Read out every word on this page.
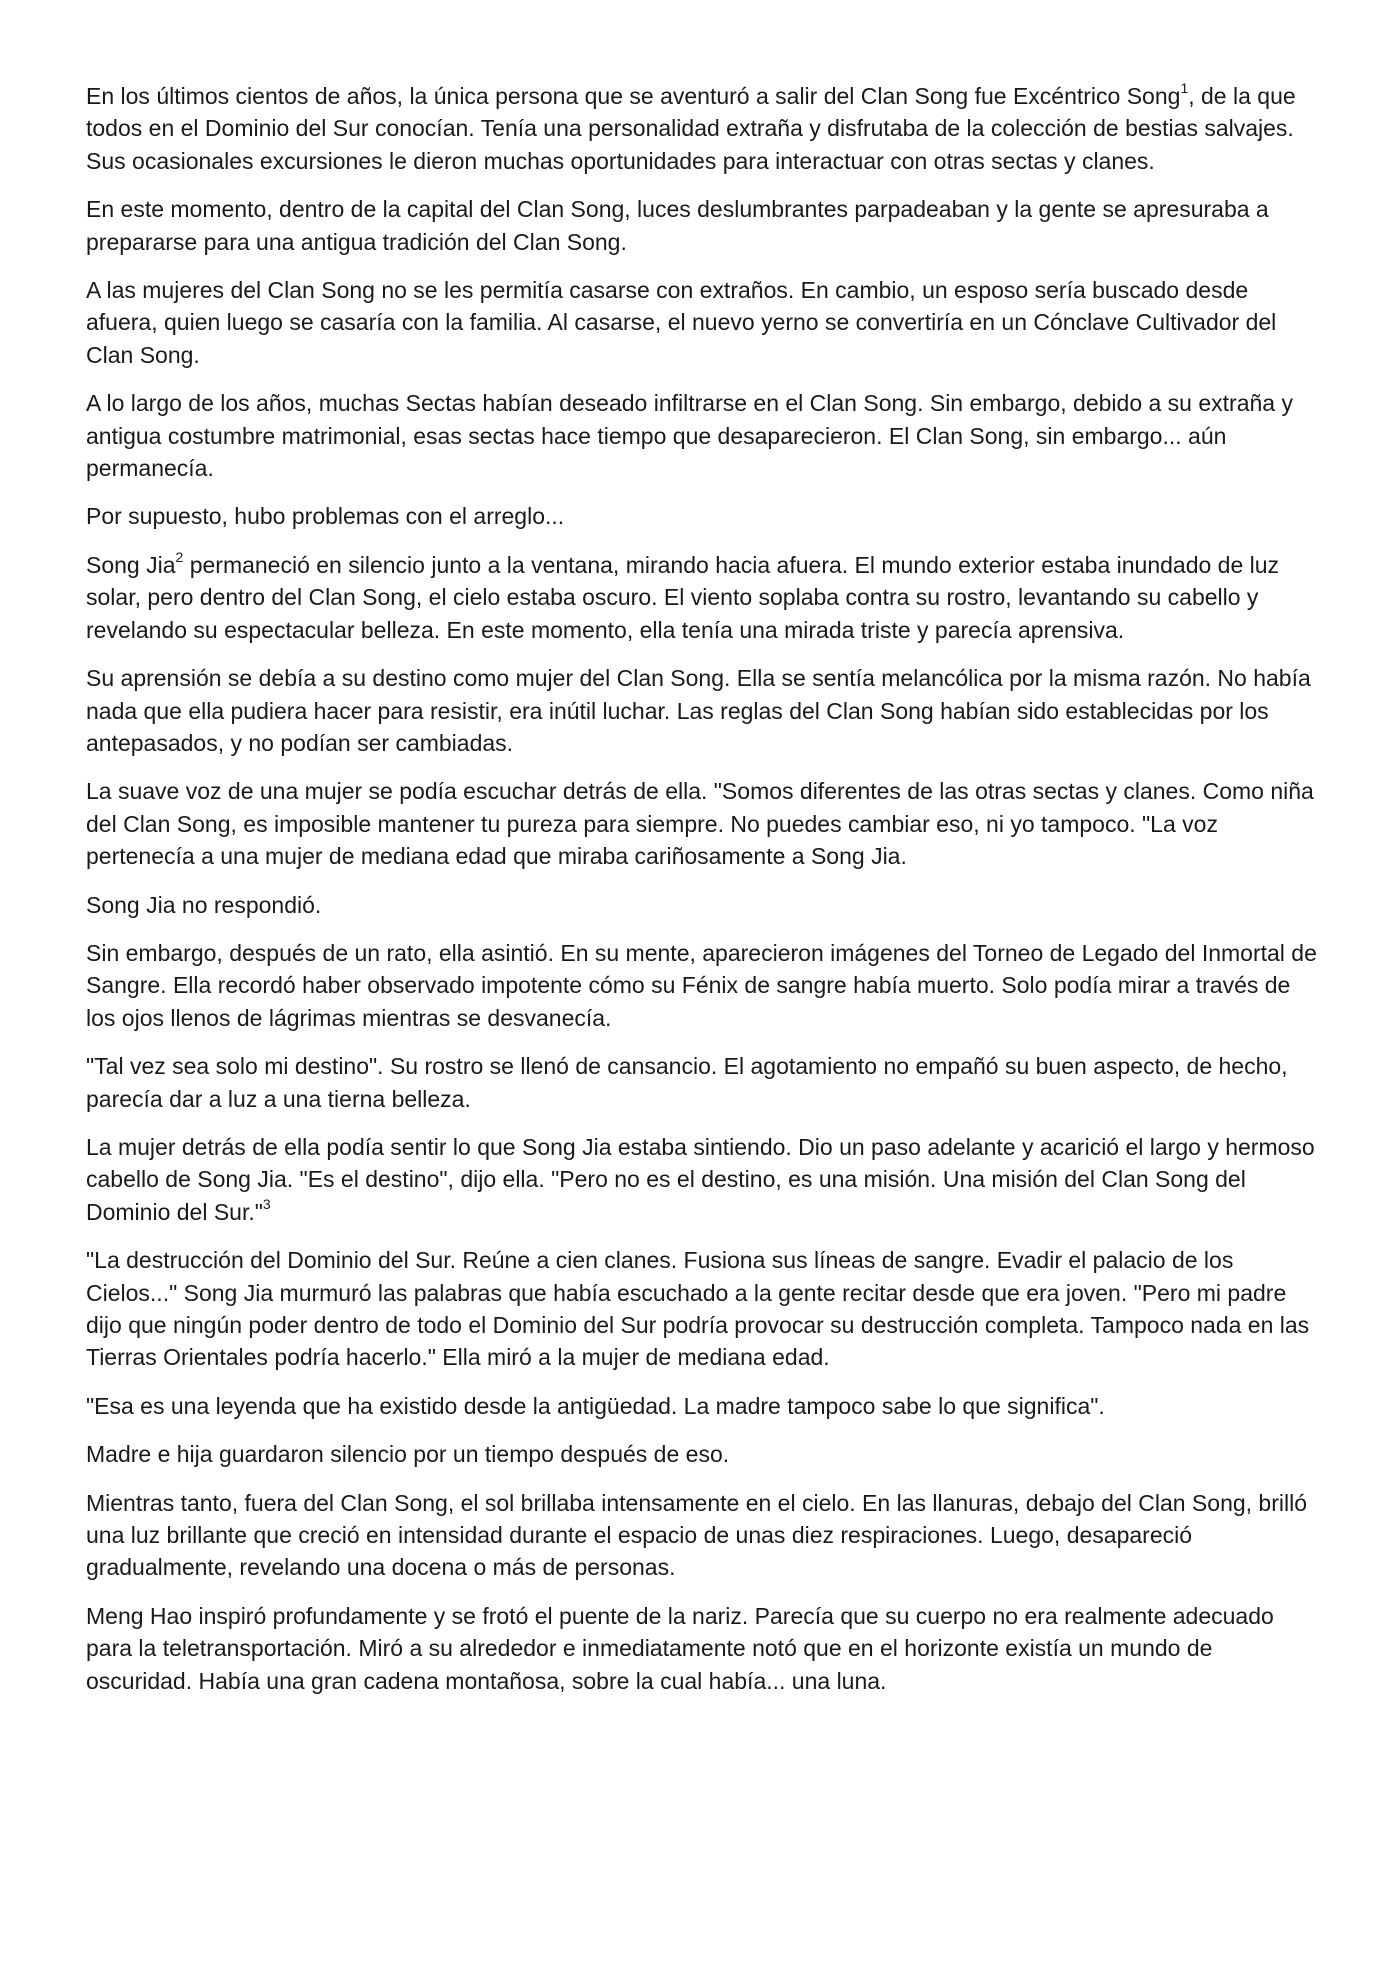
En los últimos cientos de años, la única persona que se aventuró a salir del Clan Song fue Excéntrico Song$^1$, de la que todos en el Dominio del Sur conocían. Tenía una personalidad extraña y disfrutaba de la colección de bestias salvajes. Sus ocasionales excursiones le dieron muchas oportunidades para interactuar con otras sectas y clanes.

En este momento, dentro de la capital del Clan Song, luces deslumbrantes parpadeaban y la gente se apresuraba a prepararse para una antigua tradición del Clan Song.

A las mujeres del Clan Song no se les permitía casarse con extraños. En cambio, un esposo sería buscado desde afuera, quien luego se casaría con la familia. Al casarse, el nuevo yerno se convertiría en un Cónclave Cultivador del Clan Song.

A lo largo de los años, muchas Sectas habían deseado infiltrarse en el Clan Song. Sin embargo, debido a su extraña y antigua costumbre matrimonial, esas sectas hace tiempo que desaparecieron. El Clan Song, sin embargo... aún permanecía.

Por supuesto, hubo problemas con el arreglo...

Song Jia$^2$ permaneció en silencio junto a la ventana, mirando hacia afuera. El mundo exterior estaba inundado de luz solar, pero dentro del Clan Song, el cielo estaba oscuro. El viento soplaba contra su rostro, levantando su cabello y revelando su espectacular belleza. En este momento, ella tenía una mirada triste y parecía aprensiva.

Su aprensión se debía a su destino como mujer del Clan Song. Ella se sentía melancólica por la misma razón. No había nada que ella pudiera hacer para resistir, era inútil luchar. Las reglas del Clan Song habían sido establecidas por los antepasados, y no podían ser cambiadas.

La suave voz de una mujer se podía escuchar detrás de ella. "Somos diferentes de las otras sectas y clanes. Como niña del Clan Song, es imposible mantener tu pureza para siempre. No puedes cambiar eso, ni yo tampoco. "La voz pertenecía a una mujer de mediana edad que miraba cariñosamente a Song Jia.

Song Jia no respondió.

Sin embargo, después de un rato, ella asintió. En su mente, aparecieron imágenes del Torneo de Legado del Inmortal de Sangre. Ella recordó haber observado impotente cómo su Fénix de sangre había muerto. Solo podía mirar a través de los ojos llenos de lágrimas mientras se desvanecía.

"Tal vez sea solo mi destino". Su rostro se llenó de cansancio. El agotamiento no empañó su buen aspecto, de hecho, parecía dar a luz a una tierna belleza.

La mujer detrás de ella podía sentir lo que Song Jia estaba sintiendo. Dio un paso adelante y acarició el largo y hermoso cabello de Song Jia. "Es el destino", dijo ella. "Pero no es el destino, es una misión. Una misión del Clan Song del Dominio del Sur."$^3$

"La destrucción del Dominio del Sur. Reúne a cien clanes. Fusiona sus líneas de sangre. Evadir el palacio de los Cielos..." Song Jia murmuró las palabras que había escuchado a la gente recitar desde que era joven. "Pero mi padre dijo que ningún poder dentro de todo el Dominio del Sur podría provocar su destrucción completa. Tampoco nada en las Tierras Orientales podría hacerlo." Ella miró a la mujer de mediana edad.

"Esa es una leyenda que ha existido desde la antigüedad. La madre tampoco sabe lo que significa".

Madre e hija guardaron silencio por un tiempo después de eso.

Mientras tanto, fuera del Clan Song, el sol brillaba intensamente en el cielo. En las llanuras, debajo del Clan Song, brilló una luz brillante que creció en intensidad durante el espacio de unas diez respiraciones. Luego, desapareció gradualmente, revelando una docena o más de personas.

Meng Hao inspiró profundamente y se frotó el puente de la nariz. Parecía que su cuerpo no era realmente adecuado para la teletransportación. Miró a su alrededor e inmediatamente notó que en el horizonte existía un mundo de oscuridad. Había una gran cadena montañosa, sobre la cual había... una luna.
